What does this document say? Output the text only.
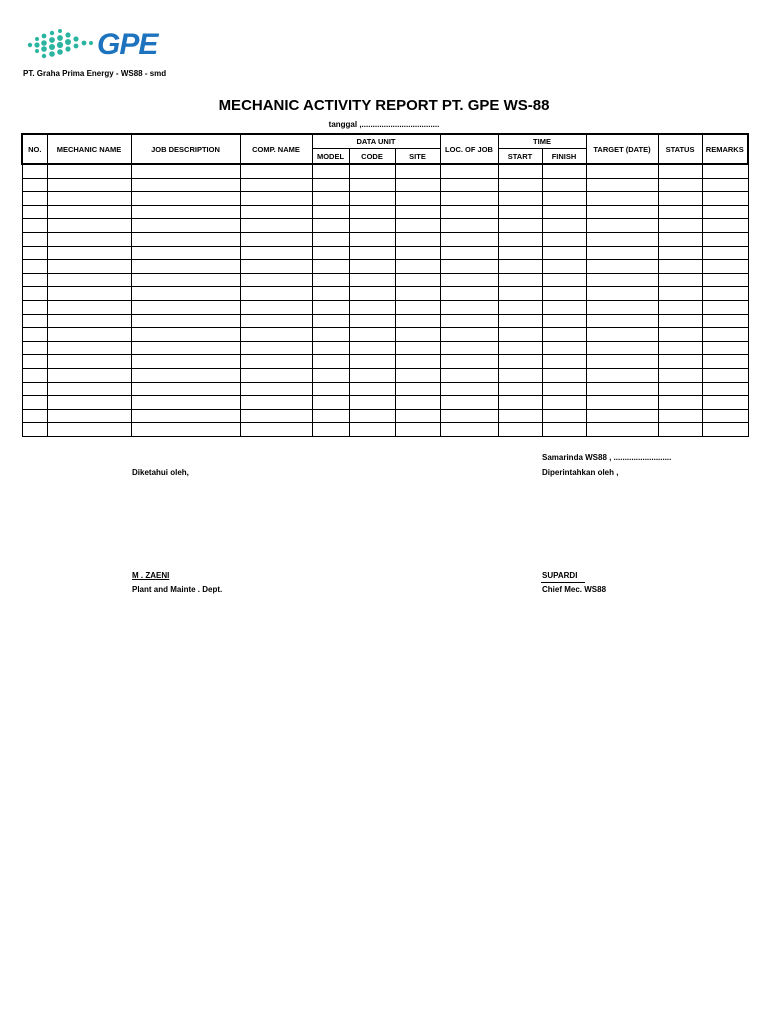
GPE
PT. Graha Prima Energy - WS88 - smd
MECHANIC ACTIVITY REPORT PT. GPE WS-88
tanggal ,...................................
NO.	MECHANIC NAME	JOB DESCRIPTION	COMP. NAME	DATA UNIT			LOC. OF JOB	TIME		TARGET (DATE)	STATUS	REMARKS
				MODEL	CODE	SITE		START	FINISH			

Samarinda WS88 , ..........................
Diketahui oleh,	Diperintahkan oleh ,
M . ZAENI
Plant and Mainte . Dept.
SUPARDI
Chief Mec. WS88
